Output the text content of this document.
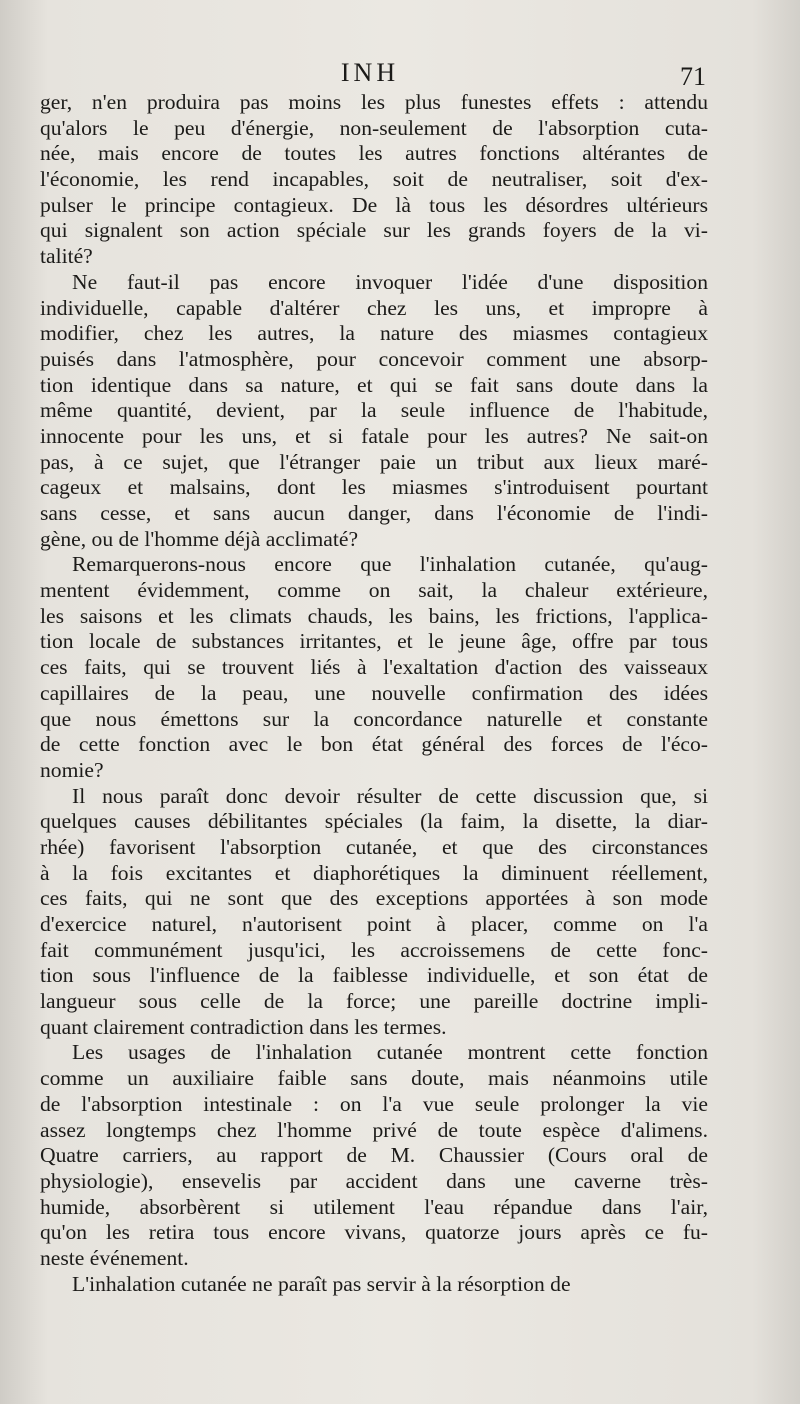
INH	71
ger, n'en produira pas moins les plus funestes effets : attendu
qu'alors le peu d'énergie, non-seulement de l'absorption cuta-
née, mais encore de toutes les autres fonctions altérantes de
l'économie, les rend incapables, soit de neutraliser, soit d'ex-
pulser le principe contagieux. De là tous les désordres ultérieurs
qui signalent son action spéciale sur les grands foyers de la vi-
talité?
Ne faut-il pas encore invoquer l'idée d'une disposition
individuelle, capable d'altérer chez les uns, et impropre à
modifier, chez les autres, la nature des miasmes contagieux
puisés dans l'atmosphère, pour concevoir comment une absorp-
tion identique dans sa nature, et qui se fait sans doute dans la
même quantité, devient, par la seule influence de l'habitude,
innocente pour les uns, et si fatale pour les autres? Ne sait-on
pas, à ce sujet, que l'étranger paie un tribut aux lieux maré-
cageux et malsains, dont les miasmes s'introduisent pourtant
sans cesse, et sans aucun danger, dans l'économie de l'indi-
gène, ou de l'homme déjà acclimaté?
Remarquerons-nous encore que l'inhalation cutanée, qu'aug-
mentent évidemment, comme on sait, la chaleur extérieure,
les saisons et les climats chauds, les bains, les frictions, l'applica-
tion locale de substances irritantes, et le jeune âge, offre par tous
ces faits, qui se trouvent liés à l'exaltation d'action des vaisseaux
capillaires de la peau, une nouvelle confirmation des idées
que nous émettons sur la concordance naturelle et constante
de cette fonction avec le bon état général des forces de l'éco-
nomie?
Il nous paraît donc devoir résulter de cette discussion que, si
quelques causes débilitantes spéciales (la faim, la disette, la diar-
rhée) favorisent l'absorption cutanée, et que des circonstances
à la fois excitantes et diaphorétiques la diminuent réellement,
ces faits, qui ne sont que des exceptions apportées à son mode
d'exercice naturel, n'autorisent point à placer, comme on l'a
fait communément jusqu'ici, les accroissemens de cette fonc-
tion sous l'influence de la faiblesse individuelle, et son état de
langueur sous celle de la force; une pareille doctrine impli-
quant clairement contradiction dans les termes.
Les usages de l'inhalation cutanée montrent cette fonction
comme un auxiliaire faible sans doute, mais néanmoins utile
de l'absorption intestinale : on l'a vue seule prolonger la vie
assez longtemps chez l'homme privé de toute espèce d'alimens.
Quatre carriers, au rapport de M. Chaussier (Cours oral de
physiologie), ensevelis par accident dans une caverne très-
humide, absorbèrent si utilement l'eau répandue dans l'air,
qu'on les retira tous encore vivans, quatorze jours après ce fu-
neste événement.
L'inhalation cutanée ne paraît pas servir à la résorption de
